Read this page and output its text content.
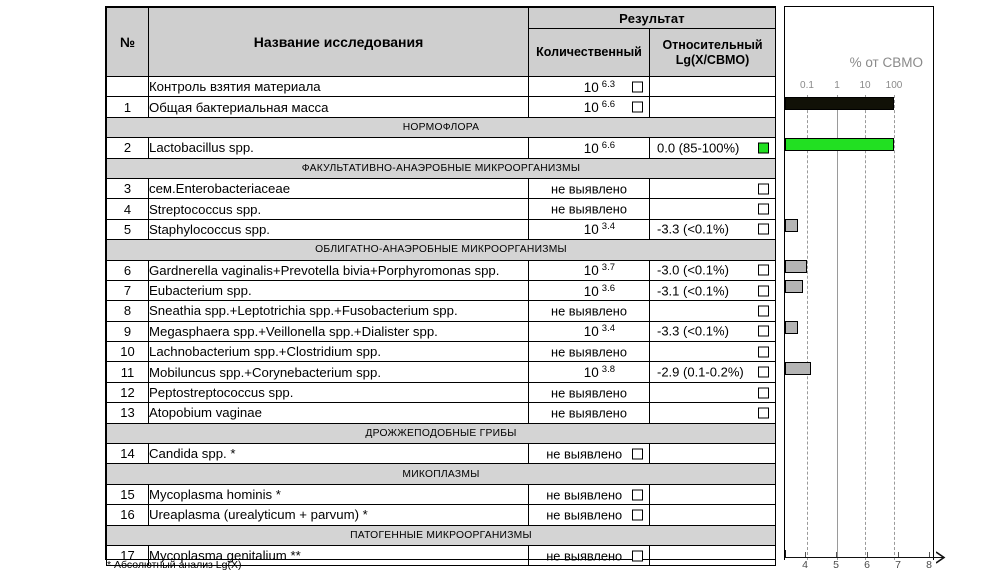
№	Название исследования	Результат	
		Количественный	Относительный
Lg(X/СВМО)
	Контроль взятия материала	10 $^{6.3}$

1	Общая бактериальная масса	10 $^{6.6}$

НОРМОФЛОРА			
2	Lactobacillus spp.	10 $^{6.6}$	0.0 (85-100%)

ФАКУЛЬТАТИВНО-АНАЭРОБНЫЕ МИКРООРГАНИЗМЫ			
3	сем.Enterobacteriaceae	не выявлено	

4	Streptococcus spp.	не выявлено	

5	Staphylococcus spp.	10 $^{3.4}$	-3.3 (<0.1%)

ОБЛИГАТНО-АНАЭРОБНЫЕ МИКРООРГАНИЗМЫ			
6	Gardnerella vaginalis+Prevotella bivia+Porphyromonas spp.	10 $^{3.7}$	-3.0 (<0.1%)

7	Eubacterium spp.	10 $^{3.6}$	-3.1 (<0.1%)

8	Sneathia spp.+Leptotrichia spp.+Fusobacterium spp.	не выявлено	

9	Megasphaera spp.+Veillonella spp.+Dialister spp.	10 $^{3.4}$	-3.3 (<0.1%)

10	Lachnobacterium spp.+Clostridium spp.	не выявлено	

11	Mobiluncus spp.+Corynebacterium spp.	10 $^{3.8}$	-2.9 (0.1-0.2%)

12	Peptostreptococcus spp.	не выявлено	

13	Atopobium vaginae	не выявлено	

ДРОЖЖЕПОДОБНЫЕ ГРИБЫ			
14	Candida spp. *	не выявлено	

МИКОПЛАЗМЫ			
15	Mycoplasma hominis *	не выявлено	

16	Ureaplasma (urealyticum + parvum) *	не выявлено	

ПАТОГЕННЫЕ МИКРООРГАНИЗМЫ			
17	Mycoplasma genitalium **	не выявлено	

* Абсолютный анализ Lg(X)
% от СВМО
0.1 1 10 100
4 5 6 7 8
